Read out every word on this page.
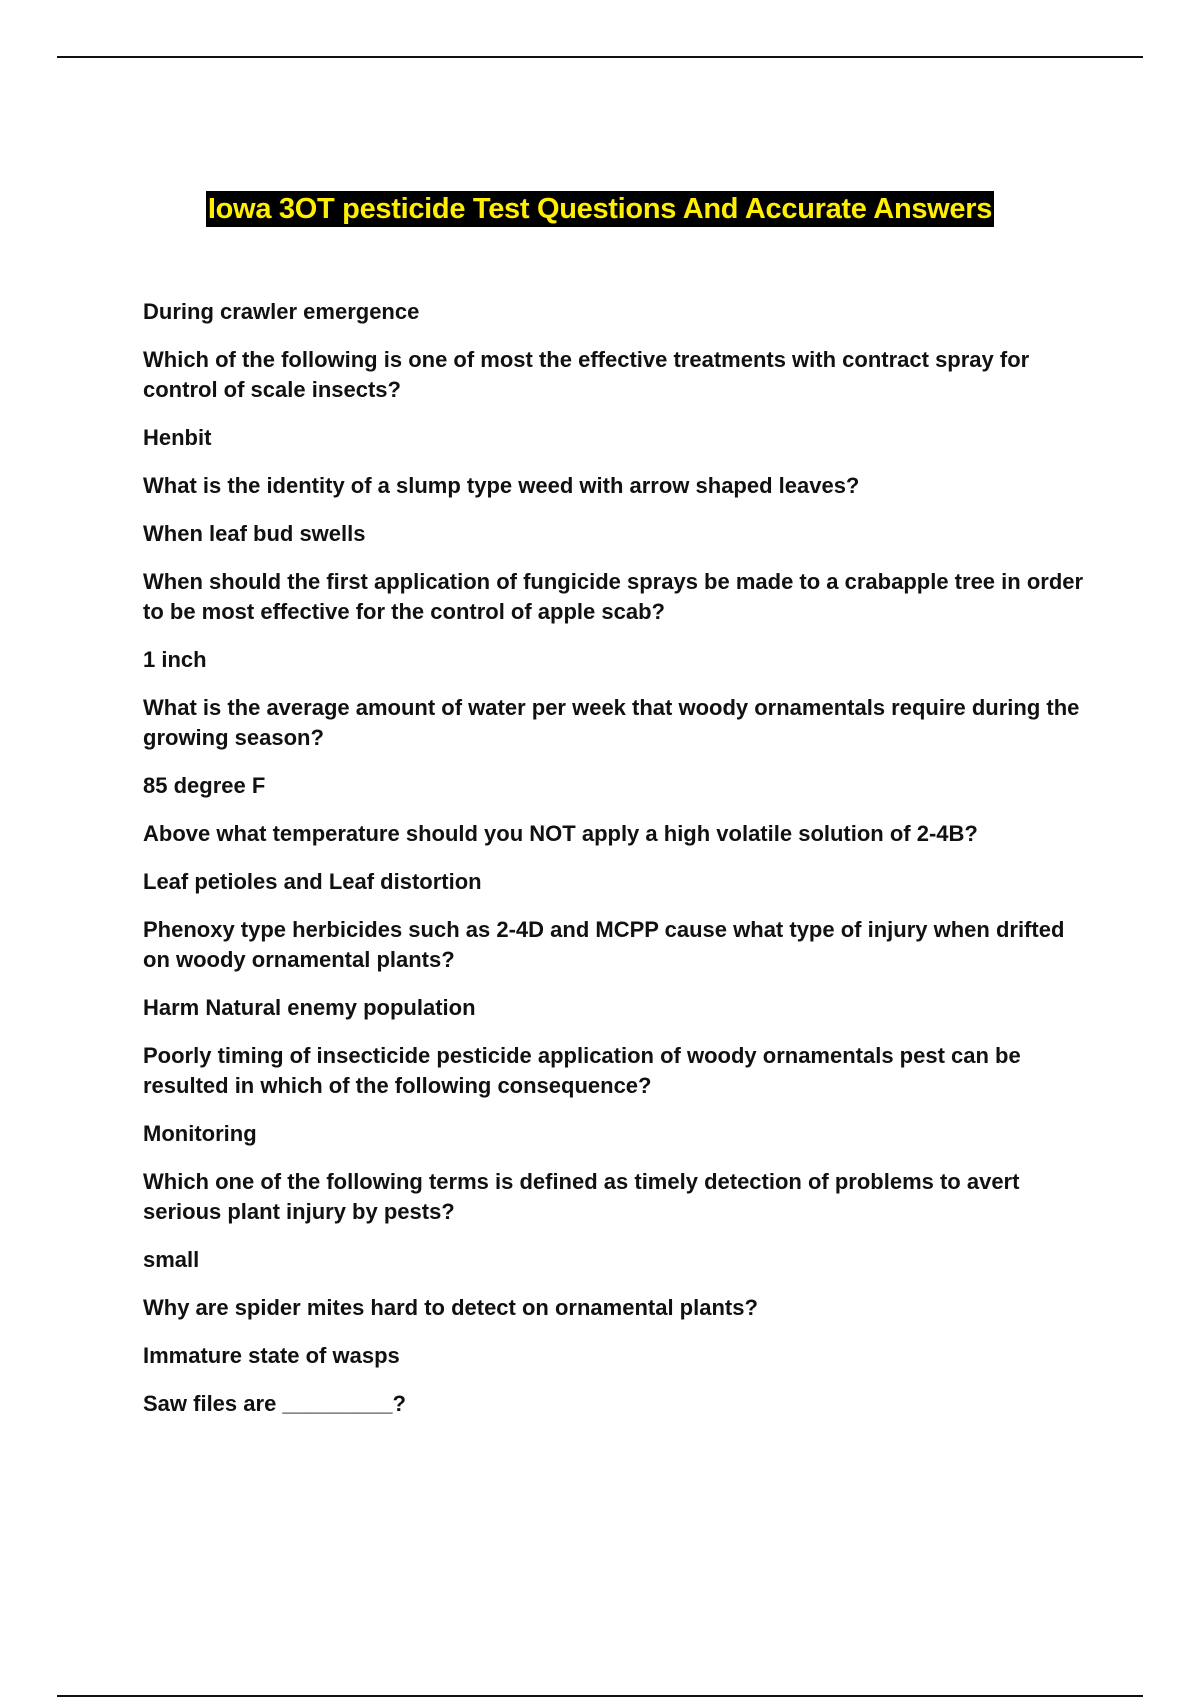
Iowa 3OT pesticide Test Questions And Accurate Answers

During crawler emergence

Which of the following is one of most the effective treatments with contract spray for control of scale insects?

Henbit

What is the identity of a slump type weed with arrow shaped leaves?

When leaf bud swells

When should the first application of fungicide sprays be made to a crabapple tree in order to be most effective for the control of apple scab?

1 inch

What is the average amount of water per week that woody ornamentals require during the growing season?

85 degree F

Above what temperature should you NOT apply a high volatile solution of 2-4B?

Leaf petioles and Leaf distortion

Phenoxy type herbicides such as 2-4D and MCPP cause what type of injury when drifted on woody ornamental plants?

Harm Natural enemy population

Poorly timing of insecticide pesticide application of woody ornamentals pest can be resulted in which of the following consequence?

Monitoring

Which one of the following terms is defined as timely detection of problems to avert serious plant injury by pests?

small

Why are spider mites hard to detect on ornamental plants?

Immature state of wasps

Saw files are _________?
